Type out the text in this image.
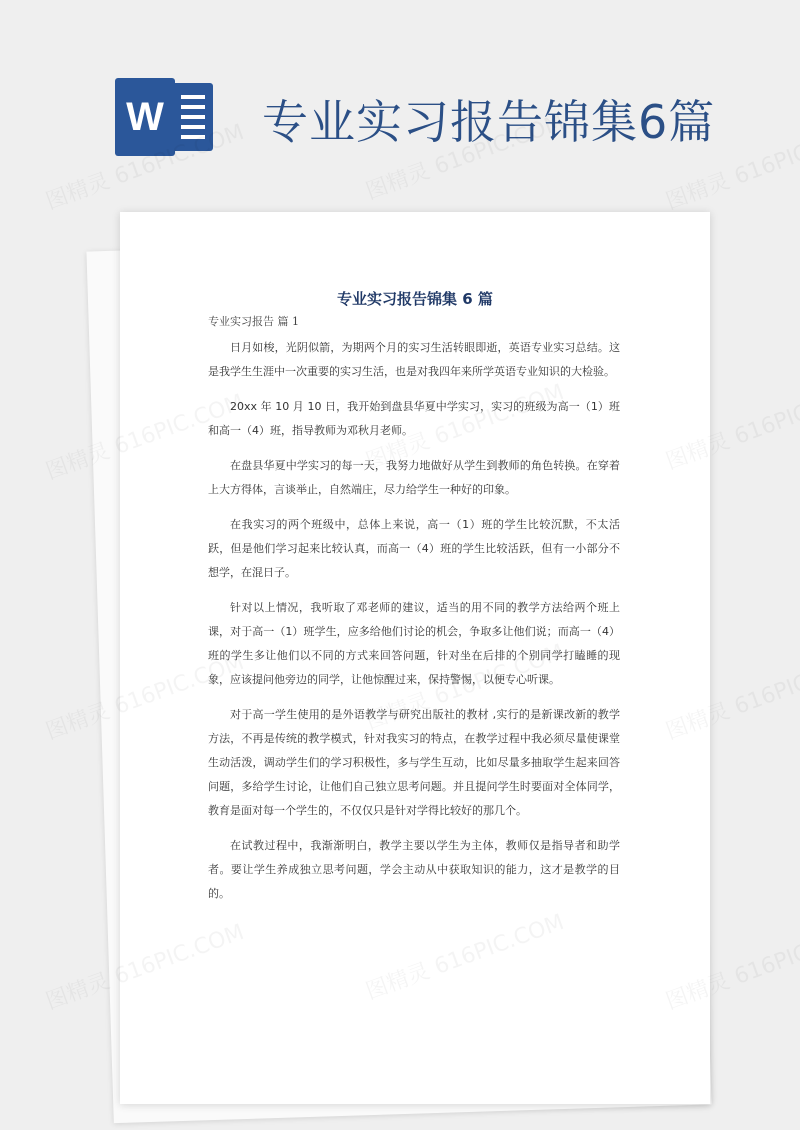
W 专业实习报告锦集6篇
专业实习报告锦集 6 篇
专业实习报告 篇 1

日月如梭，光阴似箭，为期两个月的实习生活转眼即逝，英语专业实习总结。这是我学生生涯中一次重要的实习生活，也是对我四年来所学英语专业知识的大检验。

20xx 年 10 月 10 日，我开始到盘县华夏中学实习，实习的班级为高一（1）班和高一（4）班，指导教师为邓秋月老师。

在盘县华夏中学实习的每一天，我努力地做好从学生到教师的角色转换。在穿着上大方得体，言谈举止，自然端庄，尽力给学生一种好的印象。

在我实习的两个班级中，总体上来说，高一（1）班的学生比较沉默，不太活跃，但是他们学习起来比较认真，而高一（4）班的学生比较活跃，但有一小部分不想学，在混日子。

针对以上情况，我听取了邓老师的建议，适当的用不同的教学方法给两个班上课，对于高一（1）班学生，应多给他们讨论的机会，争取多让他们说；而高一（4）班的学生多让他们以不同的方式来回答问题，针对坐在后排的个别同学打瞌睡的现象，应该提问他旁边的同学，让他惊醒过来，保持警惕，以便专心听课。

对于高一学生使用的是外语教学与研究出版社的教材 ,实行的是新课改新的教学方法，不再是传统的教学模式，针对我实习的特点，在教学过程中我必须尽量使课堂生动活泼，调动学生们的学习积极性，多与学生互动，比如尽量多抽取学生起来回答问题，多给学生讨论，让他们自己独立思考问题。并且提问学生时要面对全体同学，教育是面对每一个学生的，不仅仅只是针对学得比较好的那几个。

在试教过程中，我渐渐明白，教学主要以学生为主体，教师仅是指导者和助学者。要让学生养成独立思考问题，学会主动从中获取知识的能力，这才是教学的目的。
